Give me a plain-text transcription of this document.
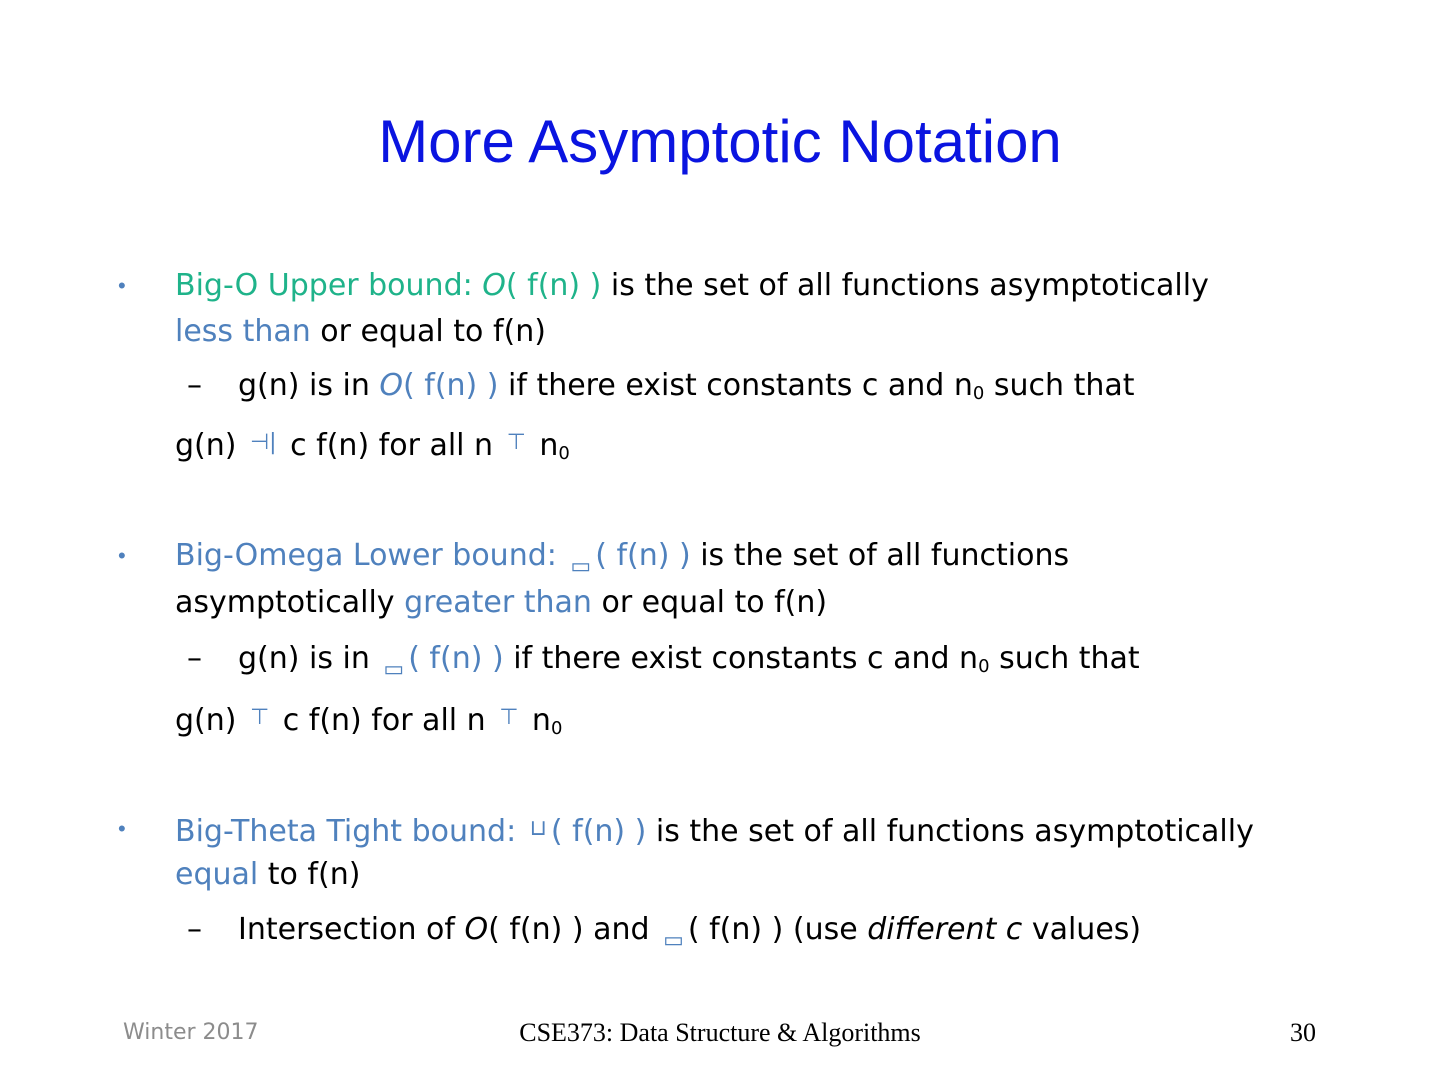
More Asymptotic Notation
• Big-O Upper bound: O( f(n) ) is the set of all functions asymptotically
less than or equal to f(n)
– g(n) is in O( f(n) ) if there exist constants c and $n_0$ such that
g(n) ⊣| c f(n) for all n ⊤ $n_0$
• Big-Omega Lower bound: $_▭$ ( f(n) ) is the set of all functions
asymptotically greater than or equal to f(n)
– g(n) is in $_▭$ ( f(n) ) if there exist constants c and $n_0$ such that
g(n) ⊤ c f(n) for all n ⊤ $n_0$
• Big-Theta Tight bound: ⊔ ( f(n) ) is the set of all functions asymptotically
equal to f(n)
– Intersection of O( f(n) ) and $_▭$ ( f(n) ) (use different c values)
Winter 2017	CSE373: Data Structure & Algorithms	30
